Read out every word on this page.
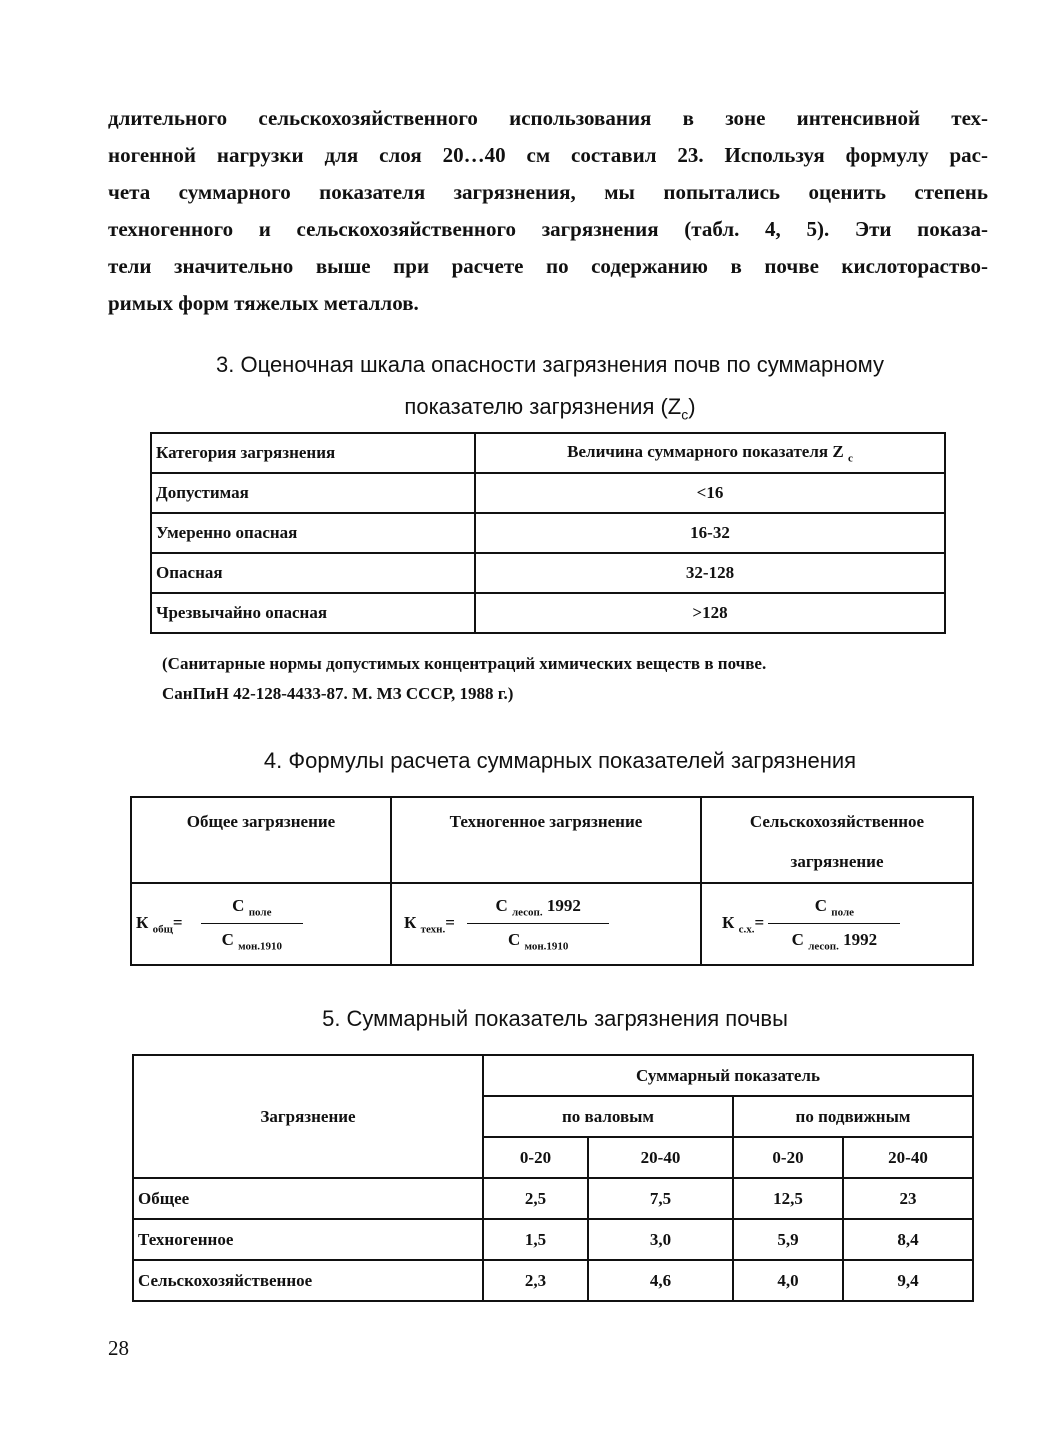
длительного сельскохозяйственного использования в зоне интенсивной тех-
ногенной нагрузки для слоя 20…40 см составил 23. Используя формулу рас-
чета суммарного показателя загрязнения, мы попытались оценить степень
техногенного и сельскохозяйственного загрязнения (табл. 4, 5). Эти показа-
тели значительно выше при расчете по содержанию в почве кислотораство-
римых форм тяжелых металлов.

3. Оценочная шкала опасности загрязнения почв по суммарному
показателю загрязнения $(Z_c)$
Категория загрязнения	Величина суммарного показателя Z $_c$
Допустимая	<16
Умеренно опасная	16-32
Опасная	32-128
Чрезвычайно опасная	>128
(Санитарные нормы допустимых концентраций химических веществ в почве.
СанПиН 42-128-4433-87. М. МЗ СССР, 1988 г.)
4. Формулы расчета суммарных показателей загрязнения
Общее загрязнение	Техногенное загрязнение	Сельскохозяйственное загрязнение
К $_{общ}= \frac{С _{поле}}{С _{мон.1910}}$	К $_{техн.}= \frac{С _{лесоп.} 1992}{С _{мон.1910}}$	К $_{с.х.}= \frac{С _{поле}}{С _{лесоп.} 1992}$
5. Суммарный показатель загрязнения почвы
Загрязнение	Суммарный показатель			
	по валовым		по подвижным	
	0-20	20-40	0-20	20-40
Общее	2,5	7,5	12,5	23
Техногенное	1,5	3,0	5,9	8,4
Сельскохозяйственное	2,3	4,6	4,0	9,4

28
